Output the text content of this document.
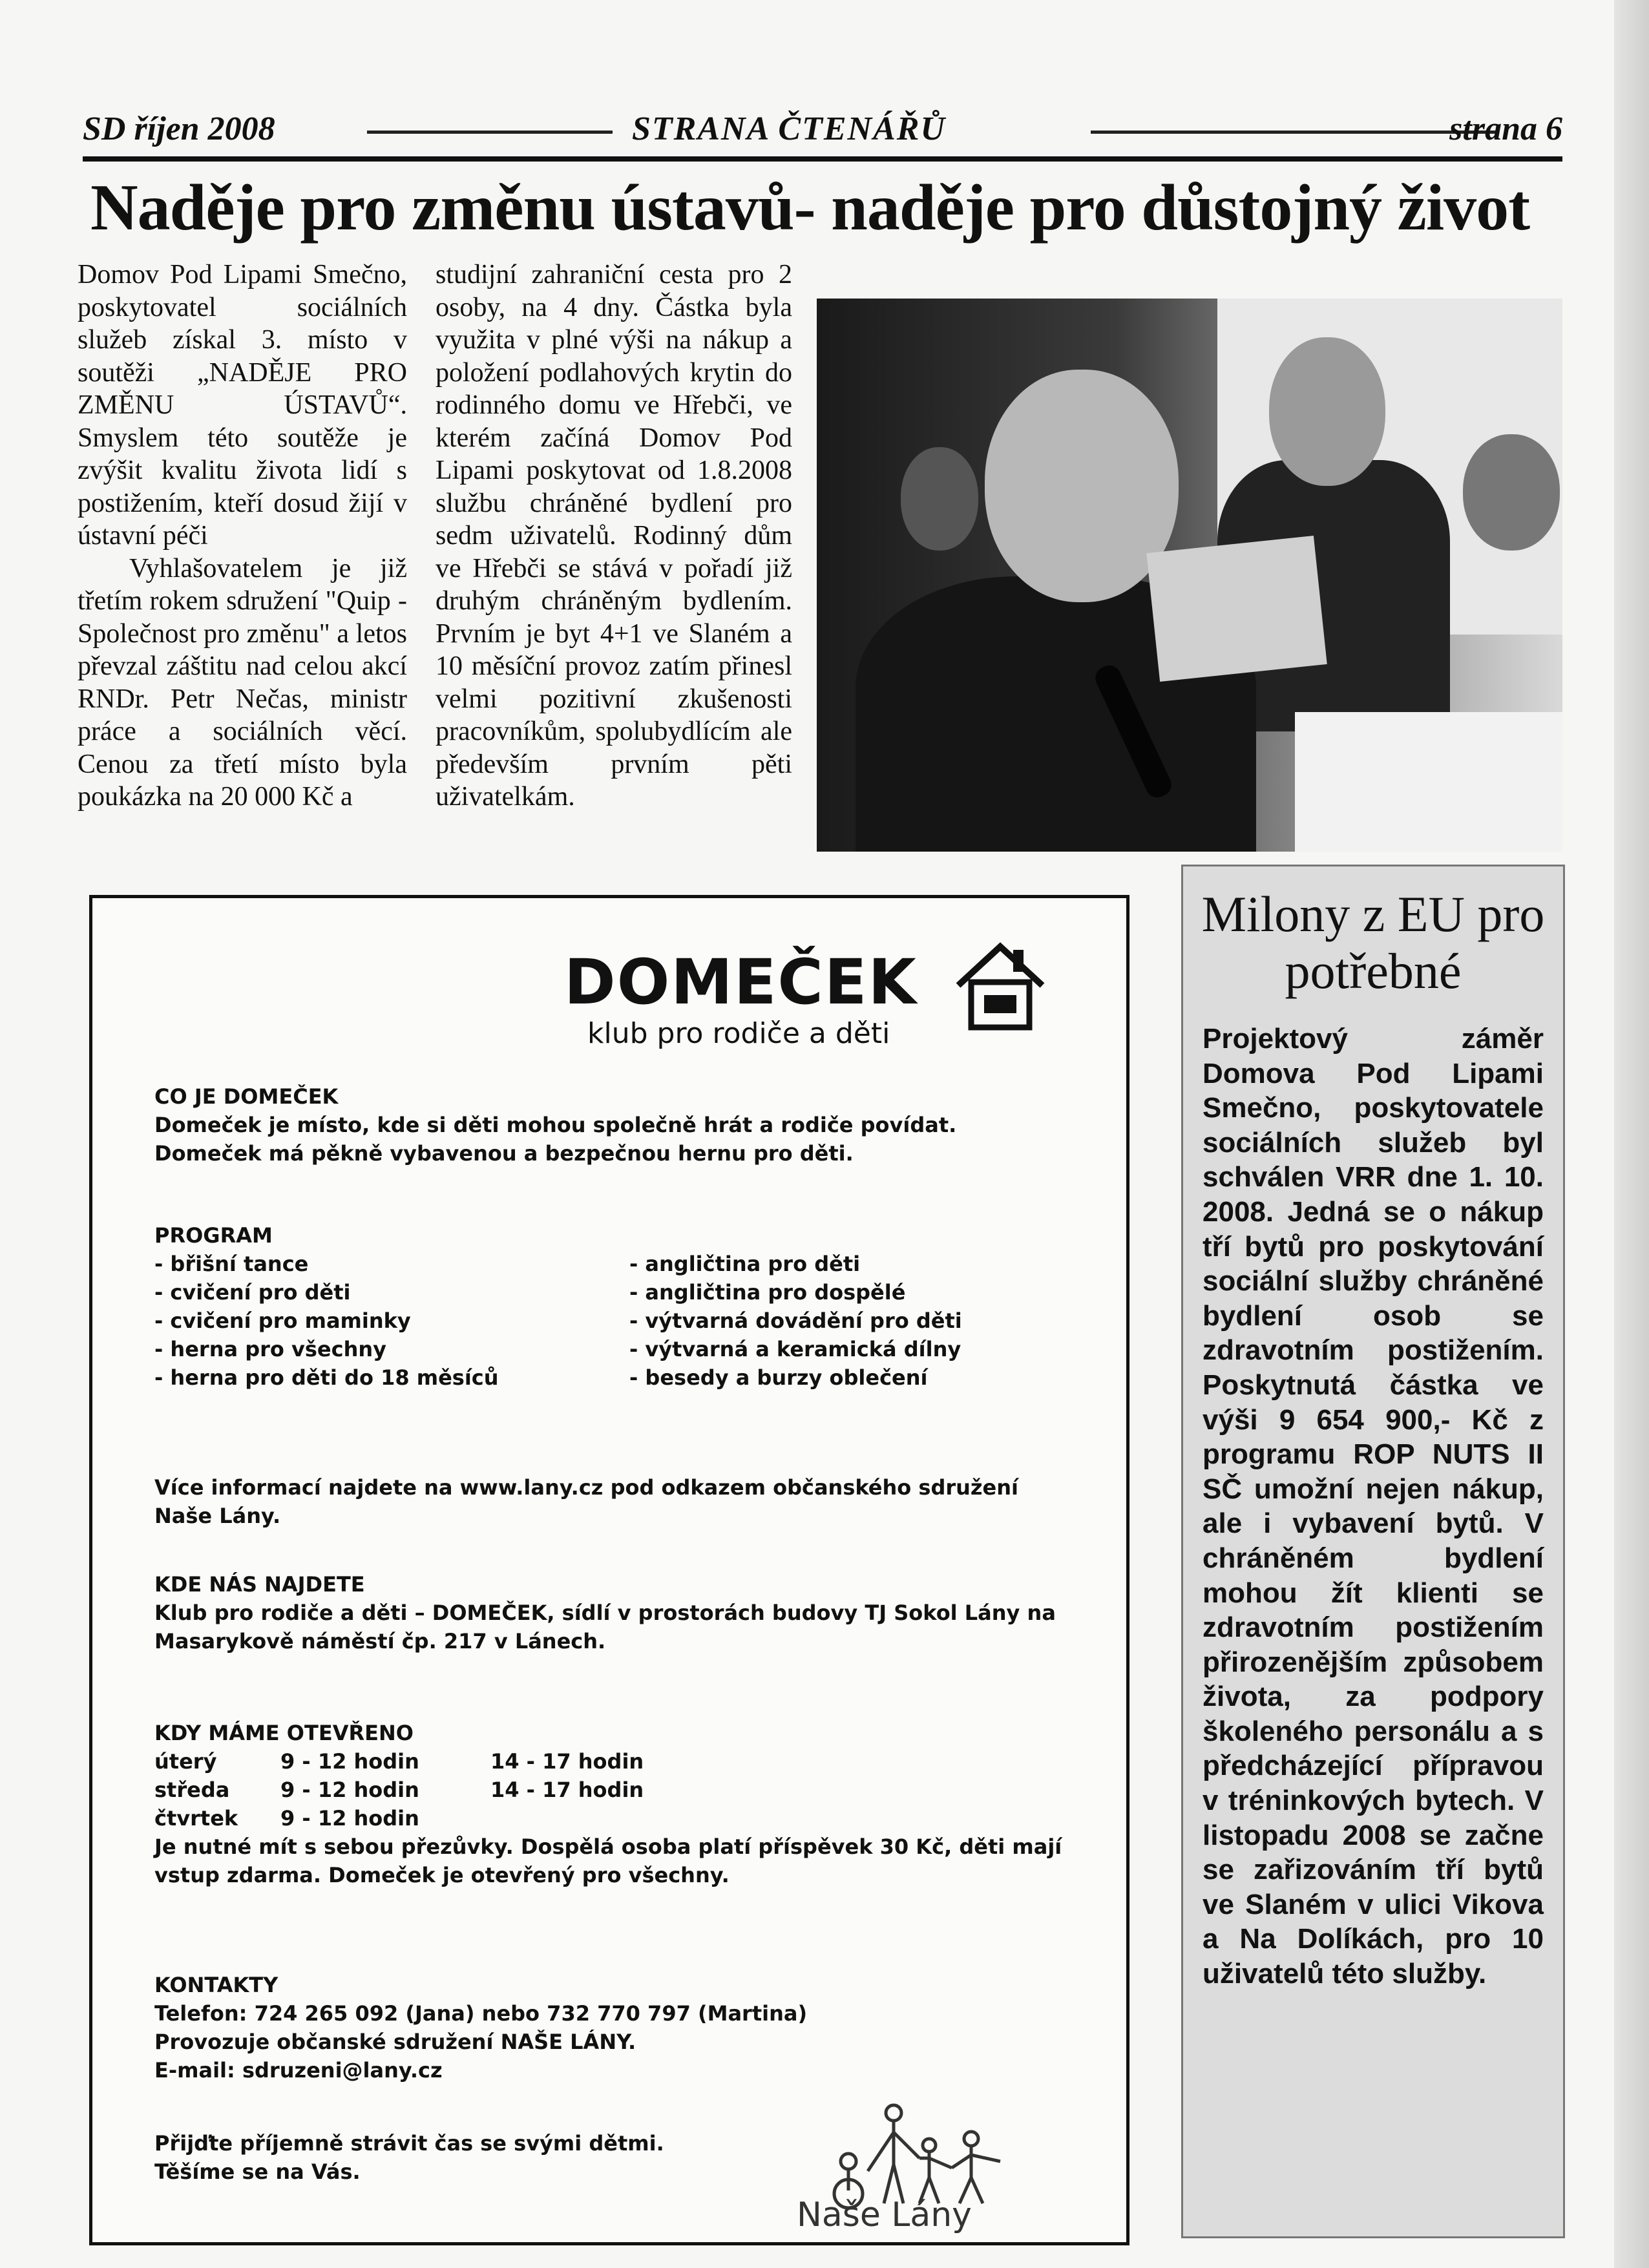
SD říjen 2008	STRANA ČTENÁŘŮ	strana 6
Naděje pro změnu ústavů- naděje pro důstojný život

Domov Pod Lipami Smečno, poskytovatel sociálních služeb získal 3. místo v soutěži „NADĚJE PRO ZMĚNU ÚSTAVŮ“. Smyslem této soutěže je zvýšit kvalitu života lidí s postižením, kteří dosud žijí v ústavní péči

Vyhlašovatelem je již třetím rokem sdružení "Quip - Společnost pro změnu" a letos převzal záštitu nad celou akcí RNDr. Petr Nečas, ministr práce a sociálních věcí. Cenou za třetí místo byla poukázka na 20 000 Kč a

studijní zahraniční cesta pro 2 osoby, na 4 dny. Částka byla využita v plné výši na nákup a položení podlahových krytin do rodinného domu ve Hřebči, ve kterém začíná Domov Pod Lipami poskytovat od 1.8.2008 službu chráněné bydlení pro sedm uživatelů. Rodinný dům ve Hřebči se stává v pořadí již druhým chráněným bydlením. Prvním je byt 4+1 ve Slaném a 10 měsíční provoz zatím přinesl velmi pozitivní zkušenosti pracovníkům, spolubydlícím ale především prvním pěti uživatelkám.

DOMEČEK
klub pro rodiče a děti
CO JE DOMEČEK
Domeček je místo, kde si děti mohou společně hrát a rodiče povídat.
Domeček má pěkně vybavenou a bezpečnou hernu pro děti.
PROGRAM
- břišní tance	- angličtina pro děti
- cvičení pro děti	- angličtina pro dospělé
- cvičení pro maminky	- výtvarná dovádění pro děti
- herna pro všechny	- výtvarná a keramická dílny
- herna pro děti do 18 měsíců	- besedy a burzy oblečení
Více informací najdete na www.lany.cz pod odkazem občanského sdružení Naše Lány.
KDE NÁS NAJDETE
Klub pro rodiče a děti – DOMEČEK, sídlí v prostorách budovy TJ Sokol Lány na Masarykově náměstí čp. 217 v Lánech.
KDY MÁME OTEVŘENO
úterý	9 - 12 hodin	14 - 17 hodin
středa 9 - 12 hodin	14 - 17 hodin
čtvrtek 9 - 12 hodin
Je nutné mít s sebou přezůvky. Dospělá osoba platí příspěvek 30 Kč, děti mají vstup zdarma. Domeček je otevřený pro všechny.
KONTAKTY
Telefon: 724 265 092 (Jana) nebo 732 770 797 (Martina)
Provozuje občanské sdružení NAŠE LÁNY.
E-mail: sdruzeni@lany.cz
Přijďte příjemně strávit čas se svými dětmi.
Těšíme se na Vás.
Naše Lány
Milony z EU pro potřebné
Projektový záměr Domova Pod Lipami Smečno, poskytovatele sociálních služeb byl schválen VRR dne 1. 10. 2008. Jedná se o nákup tří bytů pro poskytování sociální služby chráněné bydlení osob se zdravotním postižením. Poskytnutá částka ve výši 9 654 900,- Kč z programu ROP NUTS II SČ umožní nejen nákup, ale i vybavení bytů. V chráněném bydlení mohou žít klienti se zdravotním postižením přirozenějším způsobem života, za podpory školeného personálu a s předcházející přípravou v tréninkových bytech. V listopadu 2008 se začne se zařizováním tří bytů ve Slaném v ulici Vikova a Na Dolíkách, pro 10 uživatelů této služby.
